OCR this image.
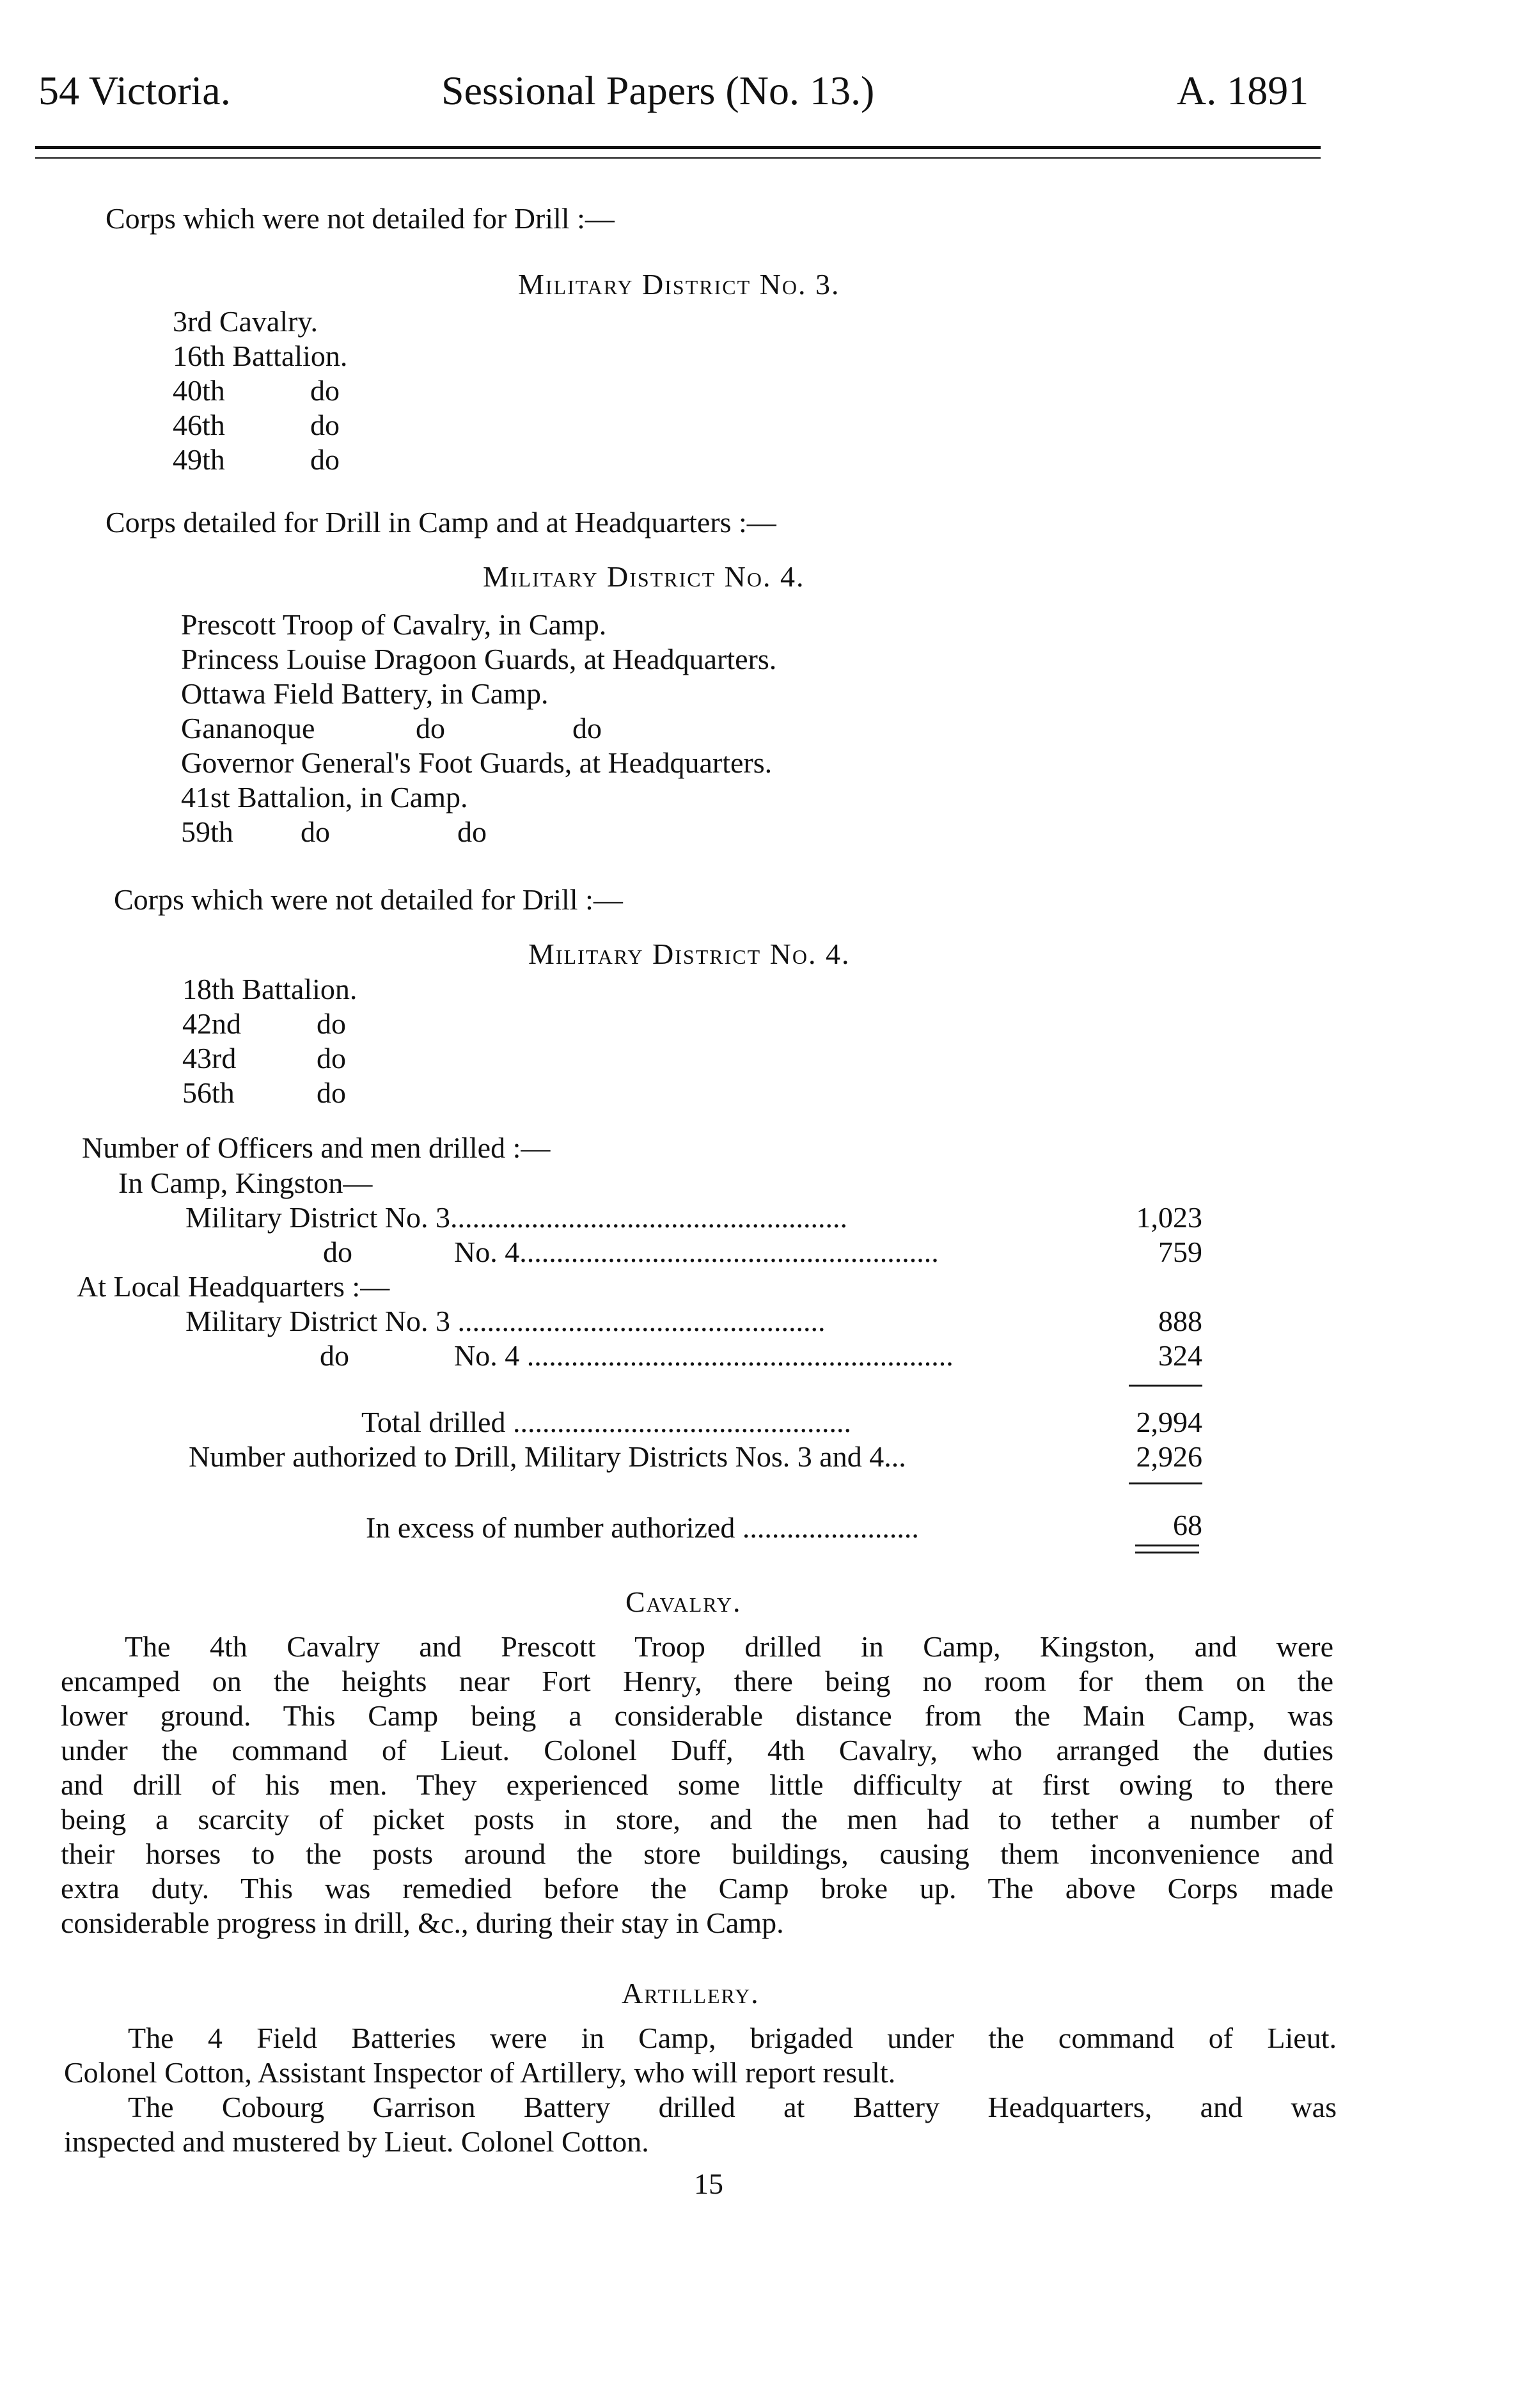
54 Victoria.	Sessional Papers (No. 13.)	A. 1891
Corps which were not detailed for Drill :—
Military District No. 3.
3rd Cavalry.
16th Battalion.
40th	do
46th	do
49th	do
Corps detailed for Drill in Camp and at Headquarters :—
Military District No. 4.
Prescott Troop of Cavalry, in Camp.
Princess Louise Dragoon Guards, at Headquarters.
Ottawa Field Battery, in Camp.
Gananoque	do	do
Governor General's Foot Guards, at Headquarters.
41st Battalion, in Camp.
59th do	do
Corps which were not detailed for Drill :—
Military District No. 4.
18th Battalion.
42nd	do
43rd	do
56th	do
Number of Officers and men drilled :—
In Camp, Kingston—
Military District No. 3......................................................	1,023
do	No. 4.........................................................	759
At Local Headquarters :—
Military District No. 3 ..................................................	888
do	No. 4 ..........................................................	324
Total drilled ..............................................	2,994
Number authorized to Drill, Military Districts Nos. 3 and 4...	2,926
In excess of number authorized ........................	68
Cavalry.
The 4th Cavalry and Prescott Troop drilled in Camp, Kingston, and were
encamped on the heights near Fort Henry, there being no room for them on the
lower ground. This Camp being a considerable distance from the Main Camp, was
under the command of Lieut. Colonel Duff, 4th Cavalry, who arranged the duties
and drill of his men. They experienced some little difficulty at first owing to there
being a scarcity of picket posts in store, and the men had to tether a number of
their horses to the posts around the store buildings, causing them inconvenience and
extra duty. This was remedied before the Camp broke up. The above Corps made
considerable progress in drill, &c., during their stay in Camp.
Artillery.
The 4 Field Batteries were in Camp, brigaded under the command of Lieut.
Colonel Cotton, Assistant Inspector of Artillery, who will report result.
The Cobourg Garrison Battery drilled at Battery Headquarters, and was
inspected and mustered by Lieut. Colonel Cotton.
15
